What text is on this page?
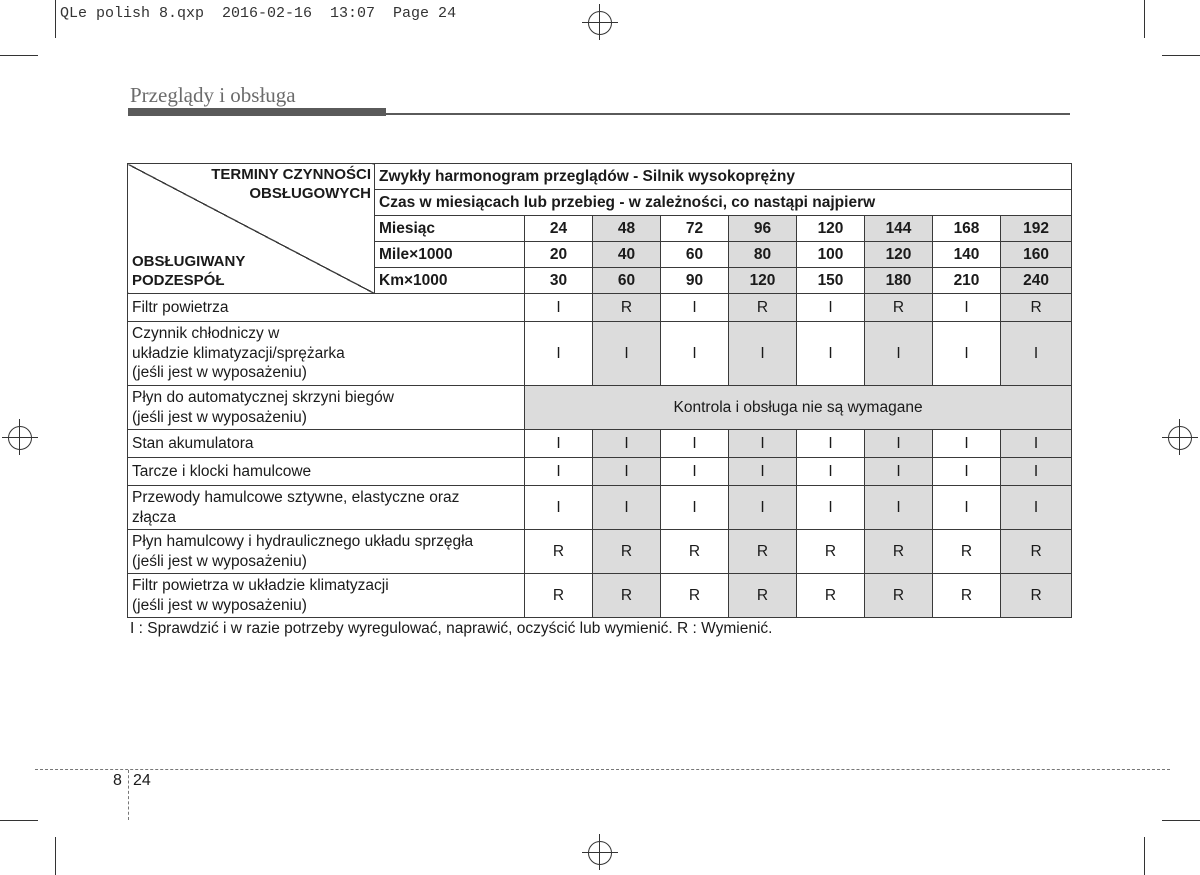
QLe polish 8.qxp  2016-02-16  13:07  Page 24
Przeglądy i obsługa
TERMINY CZYNNOŚCI
OBSŁUGOWYCH
OBSŁUGIWANY
PODZESPÓŁ	Zwykły harmonogram przeglądów - Silnik wysokoprężny								
	Czas w miesiącach lub przebieg - w zależności, co nastąpi najpierw								
	Miesiąc	24	48	72	96	120	144	168	192
	Mile×1000	20	40	60	80	100	120	140	160
	Km×1000	30	60	90	120	150	180	210	240
Filtr powietrza		I	R	I	R	I	R	I	R
Czynnik chłodniczy w
układzie klimatyzacji/sprężarka
(jeśli jest w wyposażeniu)		I	I	I	I	I	I	I	I
Płyn do automatycznej skrzyni biegów
(jeśli jest w wyposażeniu)		Kontrola i obsługa nie są wymagane							
Stan akumulatora		I	I	I	I	I	I	I	I
Tarcze i klocki hamulcowe		I	I	I	I	I	I	I	I
Przewody hamulcowe sztywne, elastyczne oraz
złącza		I	I	I	I	I	I	I	I
Płyn hamulcowy i hydraulicznego układu sprzęgła
(jeśli jest w wyposażeniu)		R	R	R	R	R	R	R	R
Filtr powietrza w układzie klimatyzacji
(jeśli jest w wyposażeniu)		R	R	R	R	R	R	R	R
I : Sprawdzić i w razie potrzeby wyregulować, naprawić, oczyścić lub wymienić. R : Wymienić.
8 24
